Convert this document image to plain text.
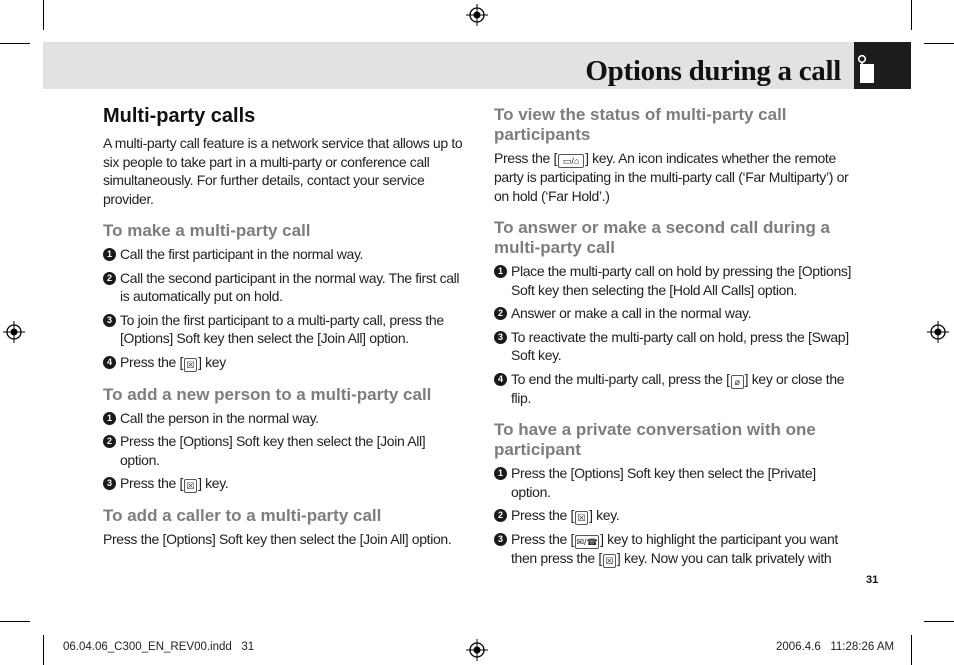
Options during a call
Multi-party calls

A multi-party call feature is a network service that allows up to six people to take part in a multi-party or conference call simultaneously. For further details, contact your service provider.

To make a multi-party call
1 Call the first participant in the normal way.
2 Call the second participant in the normal way. The first call is automatically put on hold.
3 To join the first participant to a multi-party call, press the [Options] Soft key then select the [Join All] option.
4 Press the [ ☒ ] key
To add a new person to a multi-party call
1 Call the person in the normal way.
2 Press the [Options] Soft key then select the [Join All] option.
3 Press the [ ☒ ] key.
To add a caller to a multi-party call

Press the [Options] Soft key then select the [Join All] option.

To view the status of multi-party call participants

Press the [ ▭/⌂ ] key. An icon indicates whether the remote party is participating in the multi-party call (‘Far Multiparty’) or on hold (‘Far Hold’.)

To answer or make a second call during a multi-party call
1 Place the multi-party call on hold by pressing the [Options] Soft key then selecting the [Hold All Calls] option.
2 Answer or make a call in the normal way.
3 To reactivate the multi-party call on hold, press the [Swap] Soft key.
4 To end the multi-party call, press the [ ⌀ ] key or close the flip.
To have a private conversation with one participant
1 Press the [Options] Soft key then select the [Private] option.
2 Press the [ ☒ ] key.
3 Press the [ ✉/☎ ] key to highlight the participant you want then press the [ ☒ ] key. Now you can talk privately with
31
06.04.06_C300_EN_REV00.indd   31	2006.4.6   11:28:26 AM
